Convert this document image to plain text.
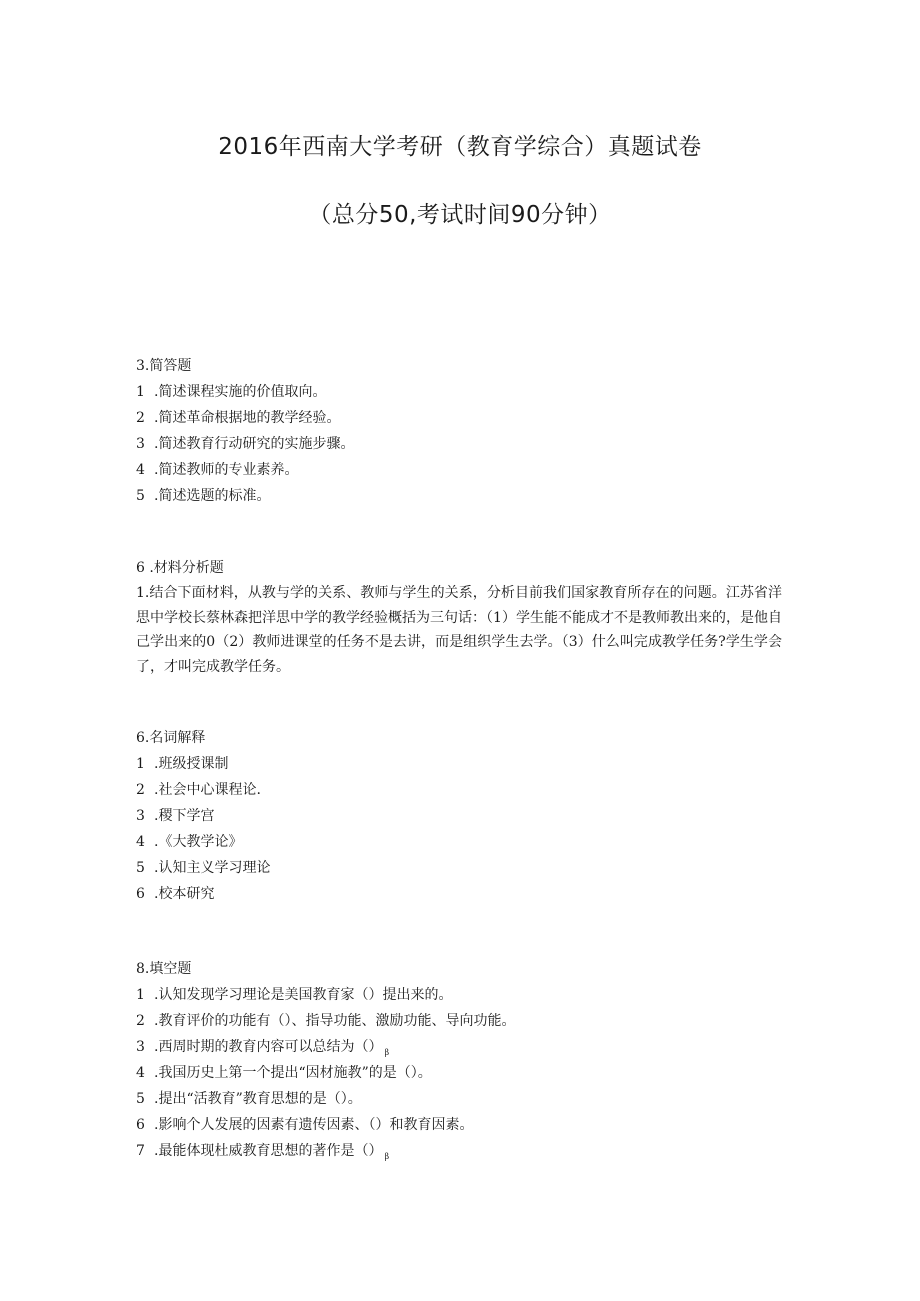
2016年西南大学考研（教育学综合）真题试卷
（总分50,考试时间90分钟）
3.简答题
1 .简述课程实施的价值取向。
2 .简述革命根据地的教学经验。
3 .简述教育行动研究的实施步骤。
4 .简述教师的专业素养。
5 .简述选题的标准。
6 .材料分析题

1.结合下面材料，从教与学的关系、教师与学生的关系，分析目前我们国家教育所存在的问题。江苏省洋思中学校长蔡林森把洋思中学的教学经验概括为三句话：（1）学生能不能成才不是教师教出来的，是他自己学出来的0（2）教师进课堂的任务不是去讲，而是组织学生去学。（3）什么叫完成教学任务?学生学会了，才叫完成教学任务。

6.名词解释
1 .班级授课制
2 .社会中心课程论.
3 .稷下学宫
4 .《大教学论》
5 .认知主义学习理论
6 .校本研究
8.填空题
1 .认知发现学习理论是美国教育家（）提出来的。
2 .教育评价的功能有（）、指导功能、激励功能、导向功能。
3 .西周时期的教育内容可以总结为（） $_\beta$
4 .我国历史上第一个提出“因材施教”的是（）。
5 .提出“活教育”教育思想的是（）。
6 .影响个人发展的因素有遗传因素、（）和教育因素。
7 .最能体现杜威教育思想的著作是（） $_\beta$
